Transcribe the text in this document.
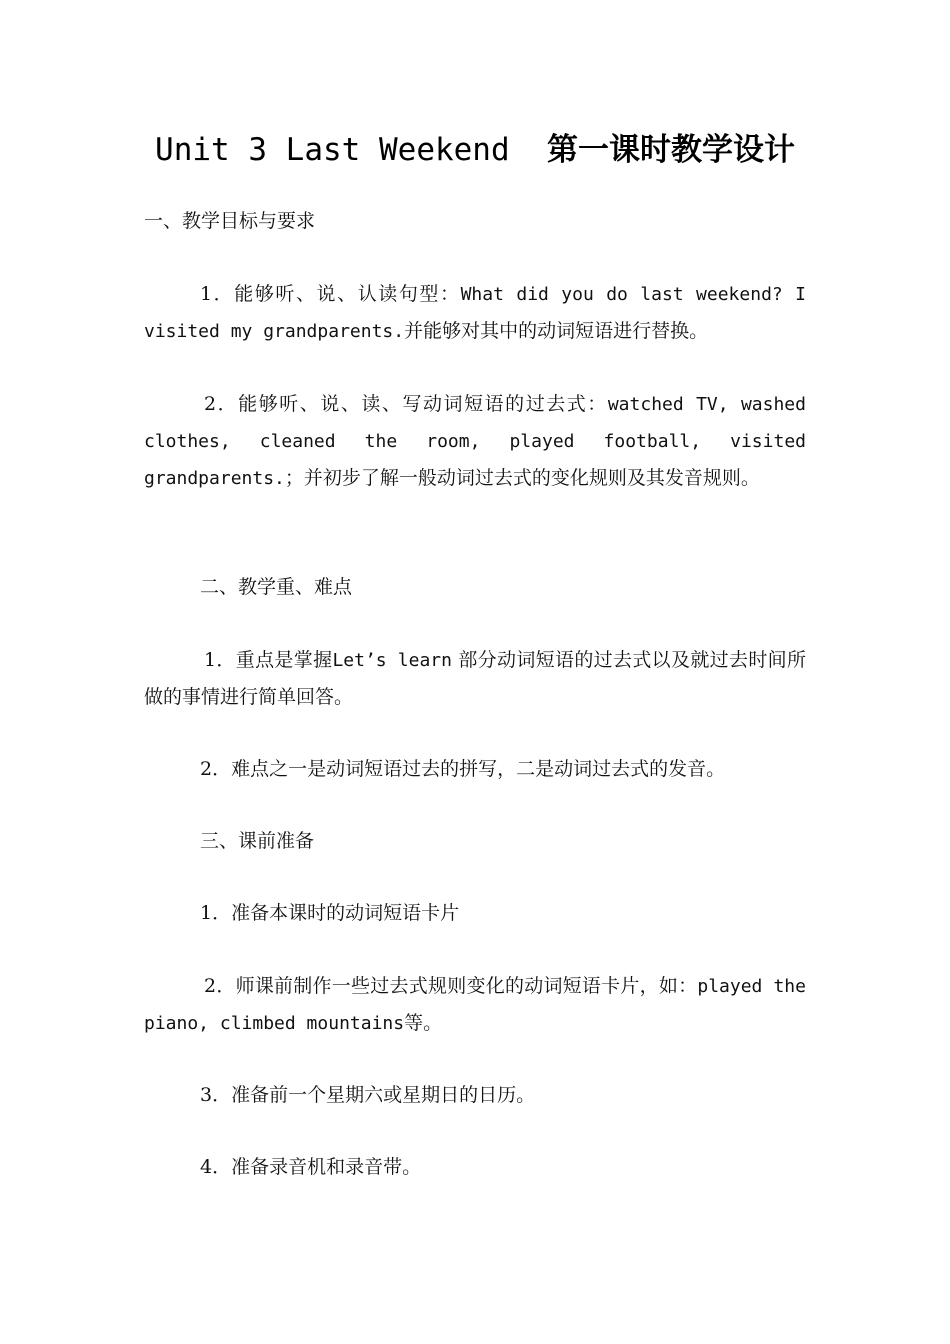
Unit 3 Last Weekend 第一课时教学设计

一、教学目标与要求

1．能够听、说、认读句型：What did you do last weekend? I visited my grandparents.并能够对其中的动词短语进行替换。

2．能够听、说、读、写动词短语的过去式：watched TV, washed clothes, cleaned the room, played football, visited grandparents.；并初步了解一般动词过去式的变化规则及其发音规则。

二、教学重、难点

1．重点是掌握Let’s learn 部分动词短语的过去式以及就过去时间所做的事情进行简单回答。

2．难点之一是动词短语过去的拼写，二是动词过去式的发音。

三、课前准备

1．准备本课时的动词短语卡片

2．师课前制作一些过去式规则变化的动词短语卡片，如：played the piano, climbed mountains等。

3．准备前一个星期六或星期日的日历。

4．准备录音机和录音带。
